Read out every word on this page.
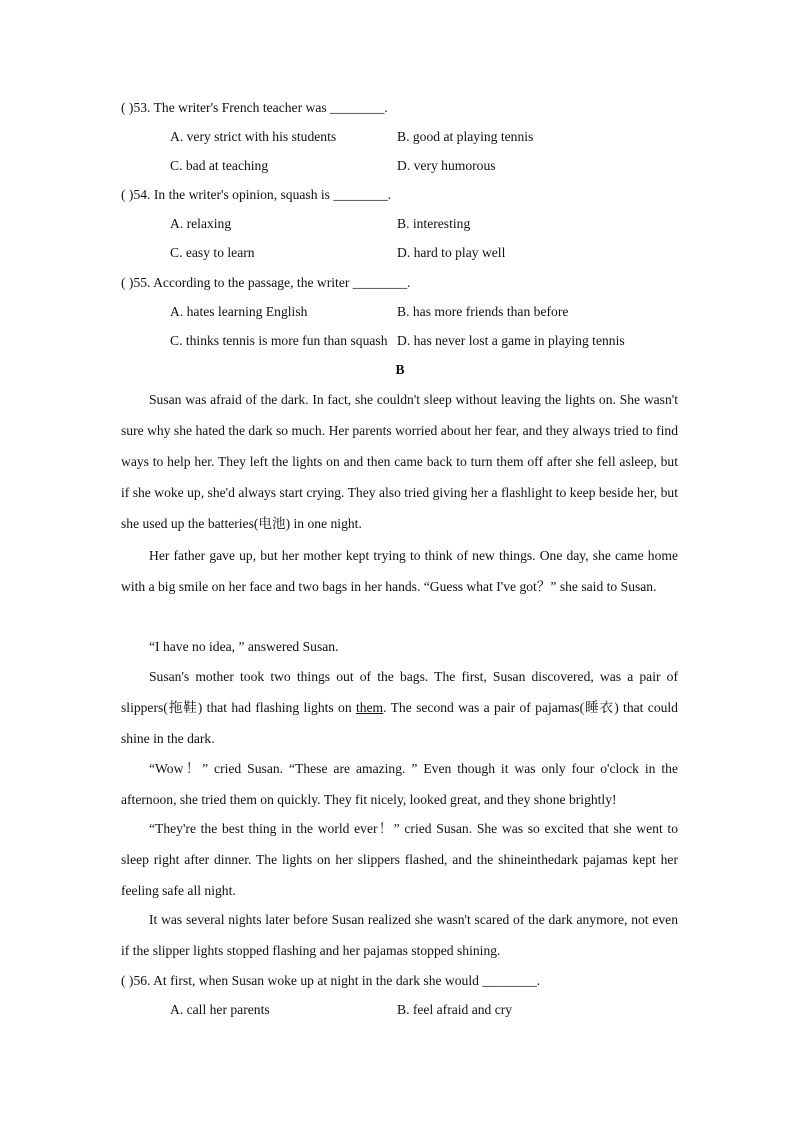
( )53. The writer's French teacher was ________.
A. very strict with his students	B. good at playing tennis
C. bad at teaching	D. very humorous
( )54. In the writer's opinion, squash is ________.
A. relaxing	B. interesting
C. easy to learn	D. hard to play well
( )55. According to the passage, the writer ________.
A. hates learning English	B. has more friends than before
C. thinks tennis is more fun than squash D. has never lost a game in playing tennis
B
Susan was afraid of the dark. In fact, she couldn't sleep without leaving the lights on. She wasn't sure why she hated the dark so much. Her parents worried about her fear, and they always tried to find ways to help her. They left the lights on and then came back to turn them off after she fell asleep, but if she woke up, she'd always start crying. They also tried giving her a flashlight to keep beside her, but she used up the batteries(电池) in one night.
Her father gave up, but her mother kept trying to think of new things. One day, she came home with a big smile on her face and two bags in her hands. “Guess what I've got？” she said to Susan.
“I have no idea, ” answered Susan.
Susan's mother took two things out of the bags. The first, Susan discovered, was a pair of slippers(拖鞋) that had flashing lights on them. The second was a pair of pajamas(睡衣) that could shine in the dark.
“Wow！” cried Susan. “These are amazing. ” Even though it was only four o'clock in the afternoon, she tried them on quickly. They fit nicely, looked great, and they shone brightly!
“They're the best thing in the world ever！” cried Susan. She was so excited that she went to sleep right after dinner. The lights on her slippers flashed, and the shineinthedark pajamas kept her feeling safe all night.
It was several nights later before Susan realized she wasn't scared of the dark anymore, not even if the slipper lights stopped flashing and her pajamas stopped shining.
( )56. At first, when Susan woke up at night in the dark she would ________.
A. call her parents	B. feel afraid and cry
